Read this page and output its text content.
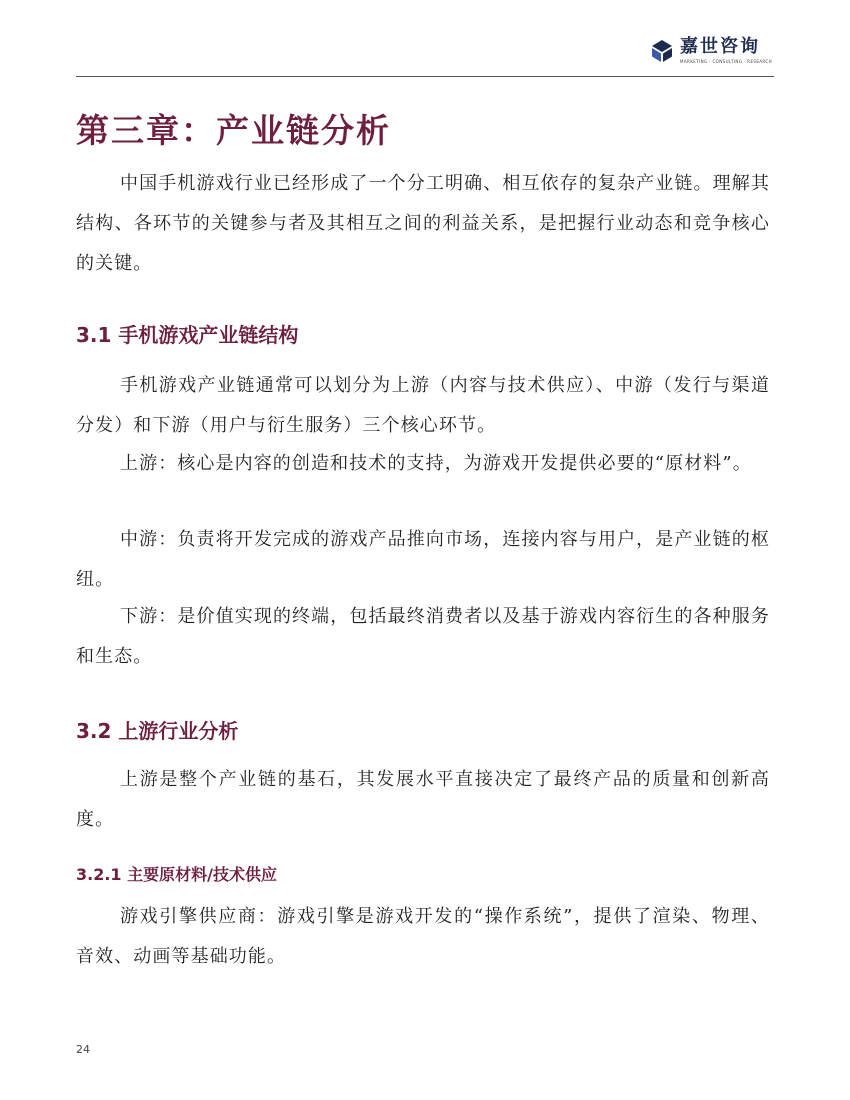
嘉世咨询
MARKETING · CONSULTING · RESEARCH
第三章：产业链分析

中国手机游戏行业已经形成了一个分工明确、相互依存的复杂产业链。理解其结构、各环节的关键参与者及其相互之间的利益关系，是把握行业动态和竞争核心的关键。

3.1 手机游戏产业链结构

手机游戏产业链通常可以划分为上游（内容与技术供应）、中游（发行与渠道分发）和下游（用户与衍生服务）三个核心环节。

上游：核心是内容的创造和技术的支持，为游戏开发提供必要的“原材料”。

中游：负责将开发完成的游戏产品推向市场，连接内容与用户，是产业链的枢纽。

下游：是价值实现的终端，包括最终消费者以及基于游戏内容衍生的各种服务和生态。

3.2 上游行业分析

上游是整个产业链的基石，其发展水平直接决定了最终产品的质量和创新高度。

3.2.1 主要原材料/技术供应

游戏引擎供应商：游戏引擎是游戏开发的“操作系统”，提供了渲染、物理、音效、动画等基础功能。

24
